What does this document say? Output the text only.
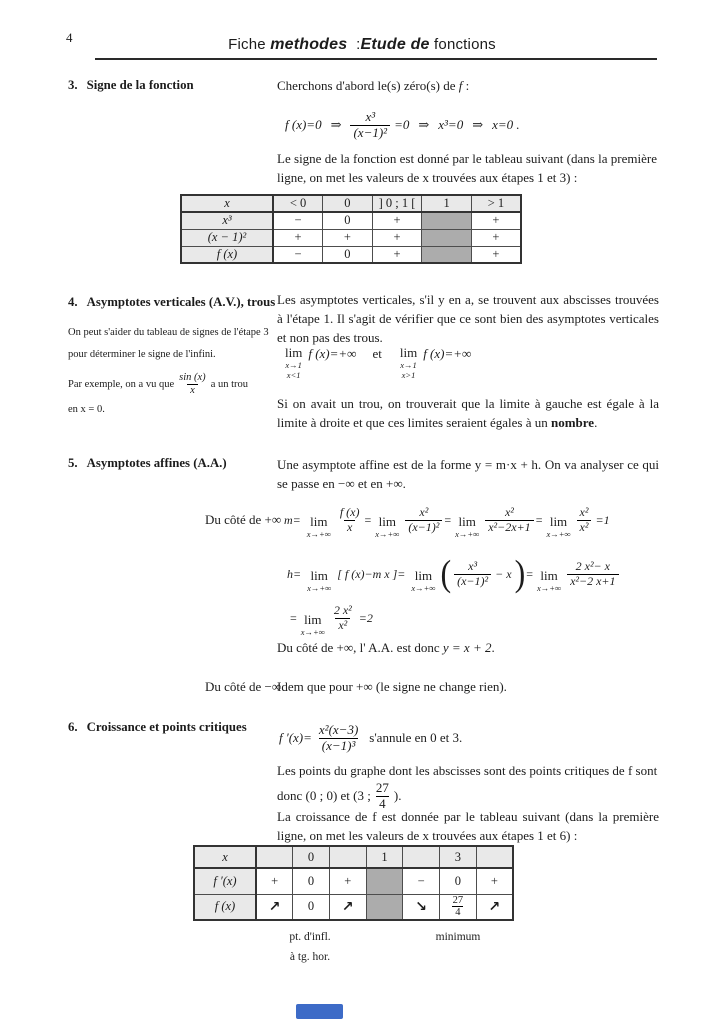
4	Fiche methodes :Etude de fonctions
3. Signe de la fonction	Cherchons d'abord le(s) zéro(s) de f :
f (x)=0 ⇒ $\frac{\text{x³}}{\text{(x−1)²}} =0$ ⇒ x³=0 ⇒ x=0 .
Le signe de la fonction est donné par le tableau suivant (dans la première ligne, on met les valeurs de x trouvées aux étapes 1 et 3) :
x	< 0	0	] 0 ; 1 [	1	> 1
x³	−	0	+		+
(x − 1)²	+	+	+		+
f (x)	−	0	+		+
4. Asymptotes verticales (A.V.), trous
On peut s'aider du tableau de signes de l'étape 3 pour déterminer le signe de l'infini.
Par exemple, on a vu que $\frac{\sin (x)}{x}$ a un trou
en x = 0.
Les asymptotes verticales, s'il y en a, se trouvent aux abscisses trouvées à l'étape 1. Il s'agit de vérifier que ce sont bien des asymptotes verticales et non pas des trous.
lim
x→1
x<1
f (x)=+∞ et lim
x→1
x>1
f (x)=+∞
Si on avait un trou, on trouverait que la limite à gauche est égale à la limite à droite et que ces limites seraient égales à un nombre.
5. Asymptotes affines (A.A.)	Une asymptote affine est de la forme y = m·x + h. On va analyser ce qui se passe en −∞ et en +∞.
Du côté de +∞ m= lim
$x\to+\infty \frac{f (x)}{x} = \lim$
$x\to+\infty \frac{\text{x²}}{\text{(x−1)²}} = \lim$
$x\to+\infty \frac{\text{x²}}{\text{x²−2x+1}} = \lim$
$x\to+\infty \frac{\text{x²}}{\text{x²}} =1$
h= lim
x→+∞
[ f (x)−m x ]= lim
x→+∞ ( $\frac{\text{x³}}{\text{(x−1)²}} - x$ ) = lim
$x\to+\infty \frac{\text{2 x²− x}}{\text{x²−2 x+1}}$
= lim
$x\to+\infty \frac{\text{2 x²}}{\text{x²}} =2$
Du côté de +∞, l' A.A. est donc y = x + 2.
Du côté de −∞
Idem que pour +∞ (le signe ne change rien).
6. Croissance et points critiques
f $'(x)= \frac{\text{x²(x−3)}}{\text{(x−1)³}}$ s'annule en 0 et 3.
Les points du graphe dont les abscisses sont des points critiques de f sont
donc (0 ; 0) et (3 ; $\frac{27}{4}$ ).
La croissance de f est donnée par le tableau suivant (dans la première ligne, on met les valeurs de x trouvées aux étapes 1 et 6) :
x		0		1		3	
f ′(x)	+	0	+		−	0	+
f (x)	↗	0	↗		↘	$\frac{27}{4}$	↗
pt. d'infl.
à tg. hor.
minimum
